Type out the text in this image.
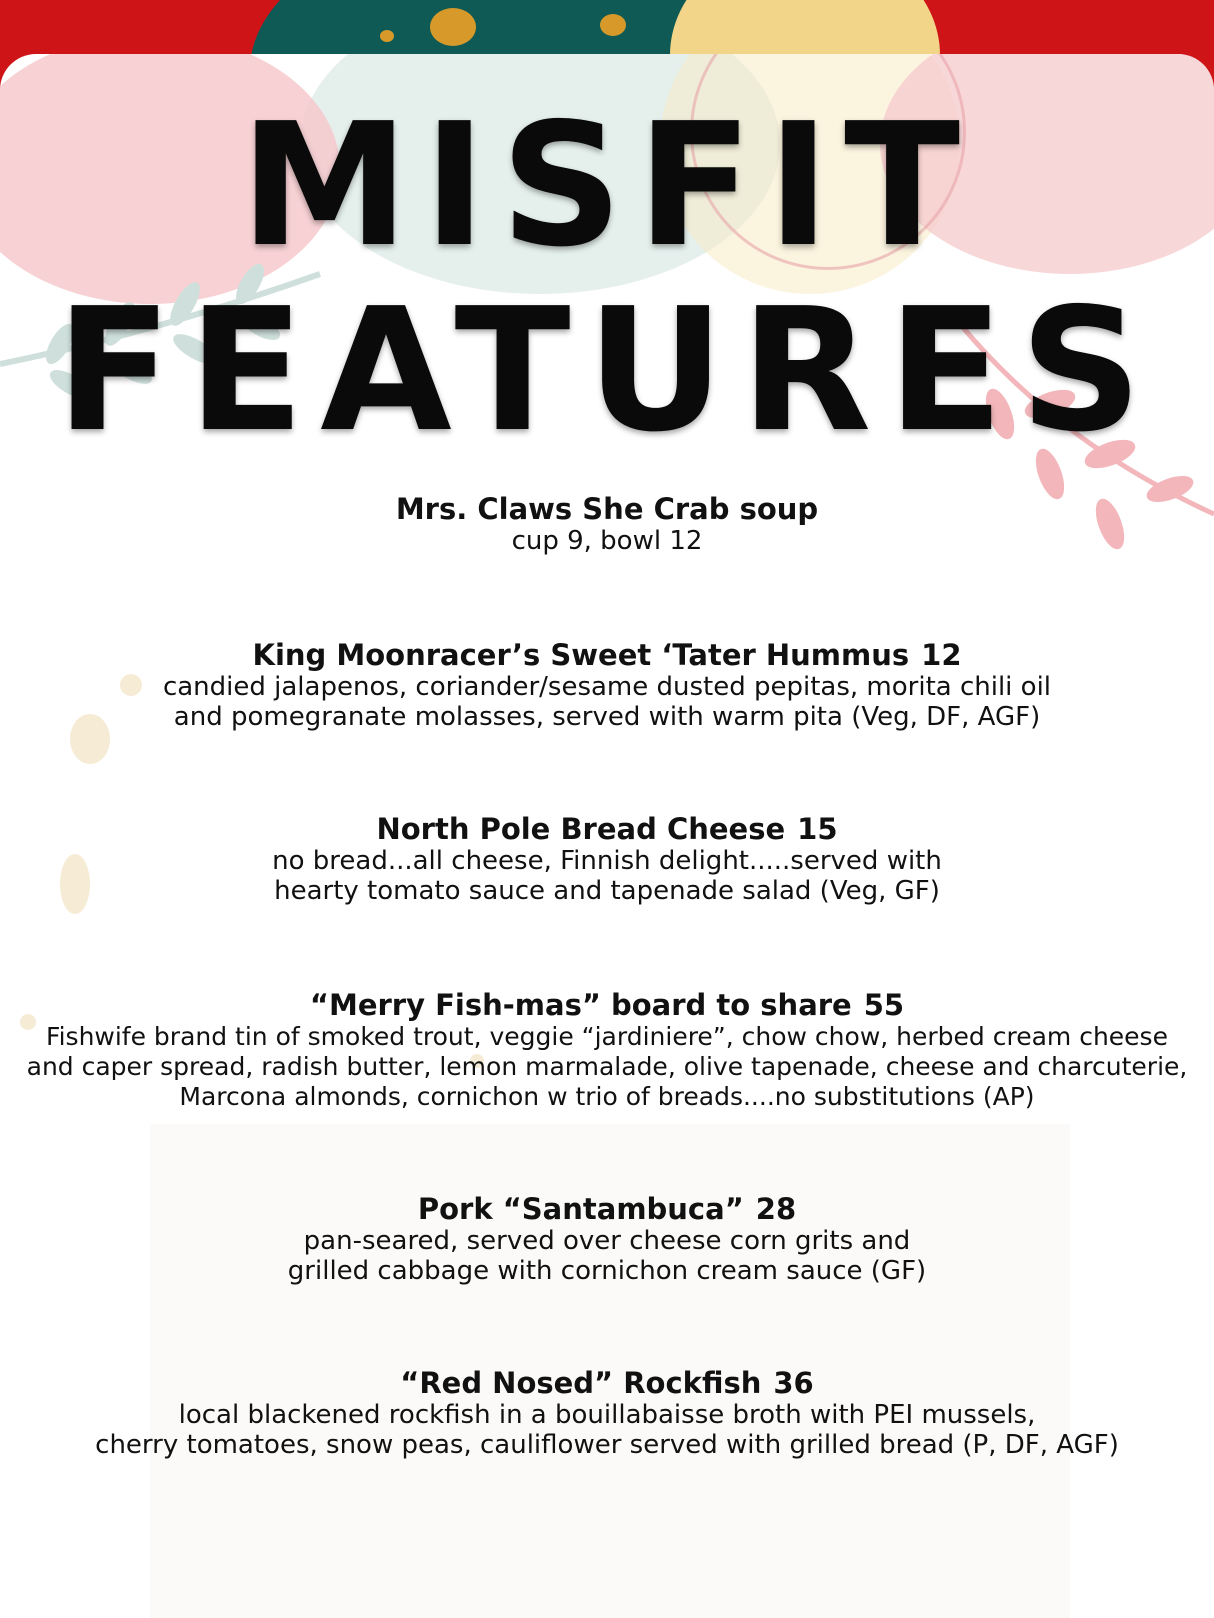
MISFIT
FEATURES
Mrs. Claws She Crab soup
cup 9, bowl 12
King Moonracer’s Sweet ‘Tater Hummus 12
candied jalapenos, coriander/sesame dusted pepitas, morita chili oil
and pomegranate molasses, served with warm pita (Veg, DF, AGF)
North Pole Bread Cheese 15
no bread...all cheese, Finnish delight.....served with
hearty tomato sauce and tapenade salad (Veg, GF)
“Merry Fish-mas” board to share 55
Fishwife brand tin of smoked trout, veggie “jardiniere”, chow chow, herbed cream cheese
and caper spread, radish butter, lemon marmalade, olive tapenade, cheese and charcuterie,
Marcona almonds, cornichon w trio of breads....no substitutions (AP)
Pork “Santambuca” 28
pan-seared, served over cheese corn grits and
grilled cabbage with cornichon cream sauce (GF)
“Red Nosed” Rockfish 36
local blackened rockfish in a bouillabaisse broth with PEI mussels,
cherry tomatoes, snow peas, cauliflower served with grilled bread (P, DF, AGF)
